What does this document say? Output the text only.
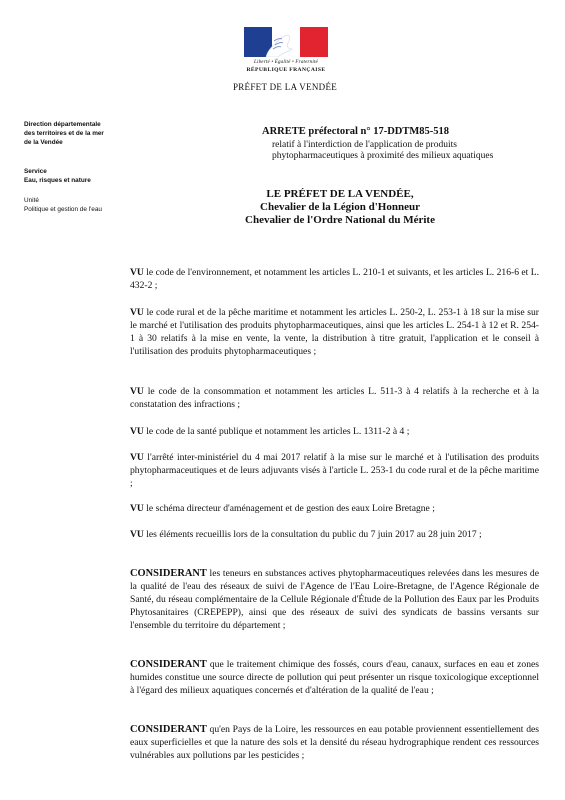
Liberté • Égalité • Fraternité
RÉPUBLIQUE FRANÇAISE
PRÉFET DE LA VENDÉE
Direction départementale
des territoires et de la mer
de la Vendée
Service
Eau, risques et nature
Unité
Politique et gestion de l'eau
ARRETE préfectoral n° 17-DDTM85-518
relatif à l'interdiction de l'application de produits
phytopharmaceutiques à proximité des milieux aquatiques
LE PRÉFET DE LA VENDÉE,
Chevalier de la Légion d'Honneur
Chevalier de l'Ordre National du Mérite
VU le code de l'environnement, et notamment les articles L. 210-1 et suivants, et les articles L. 216-6 et L. 432-2 ;
VU le code rural et de la pêche maritime et notamment les articles L. 250-2, L. 253-1 à 18 sur la mise sur le marché et l'utilisation des produits phytopharmaceutiques, ainsi que les articles L. 254-1 à 12 et R. 254-1 à 30 relatifs à la mise en vente, la vente, la distribution à titre gratuit, l'application et le conseil à l'utilisation des produits phytopharmaceutiques ;
VU le code de la consommation et notamment les articles L. 511-3 à 4 relatifs à la recherche et à la constatation des infractions ;
VU le code de la santé publique et notamment les articles L. 1311-2 à 4 ;
VU l'arrêté inter-ministériel du 4 mai 2017 relatif à la mise sur le marché et à l'utilisation des produits phytopharmaceutiques et de leurs adjuvants visés à l'article L. 253-1 du code rural et de la pêche maritime ;
VU le schéma directeur d'aménagement et de gestion des eaux Loire Bretagne ;
VU les éléments recueillis lors de la consultation du public du 7 juin 2017 au 28 juin 2017 ;
CONSIDERANT les teneurs en substances actives phytopharmaceutiques relevées dans les mesures de la qualité de l'eau des réseaux de suivi de l'Agence de l'Eau Loire-Bretagne, de l'Agence Régionale de Santé, du réseau complémentaire de la Cellule Régionale d'Étude de la Pollution des Eaux par les Produits Phytosanitaires (CREPEPP), ainsi que des réseaux de suivi des syndicats de bassins versants sur l'ensemble du territoire du département ;
CONSIDERANT que le traitement chimique des fossés, cours d'eau, canaux, surfaces en eau et zones humides constitue une source directe de pollution qui peut présenter un risque toxicologique exceptionnel à l'égard des milieux aquatiques concernés et d'altération de la qualité de l'eau ;
CONSIDERANT qu'en Pays de la Loire, les ressources en eau potable proviennent essentiellement des eaux superficielles et que la nature des sols et la densité du réseau hydrographique rendent ces ressources vulnérables aux pollutions par les pesticides ;
